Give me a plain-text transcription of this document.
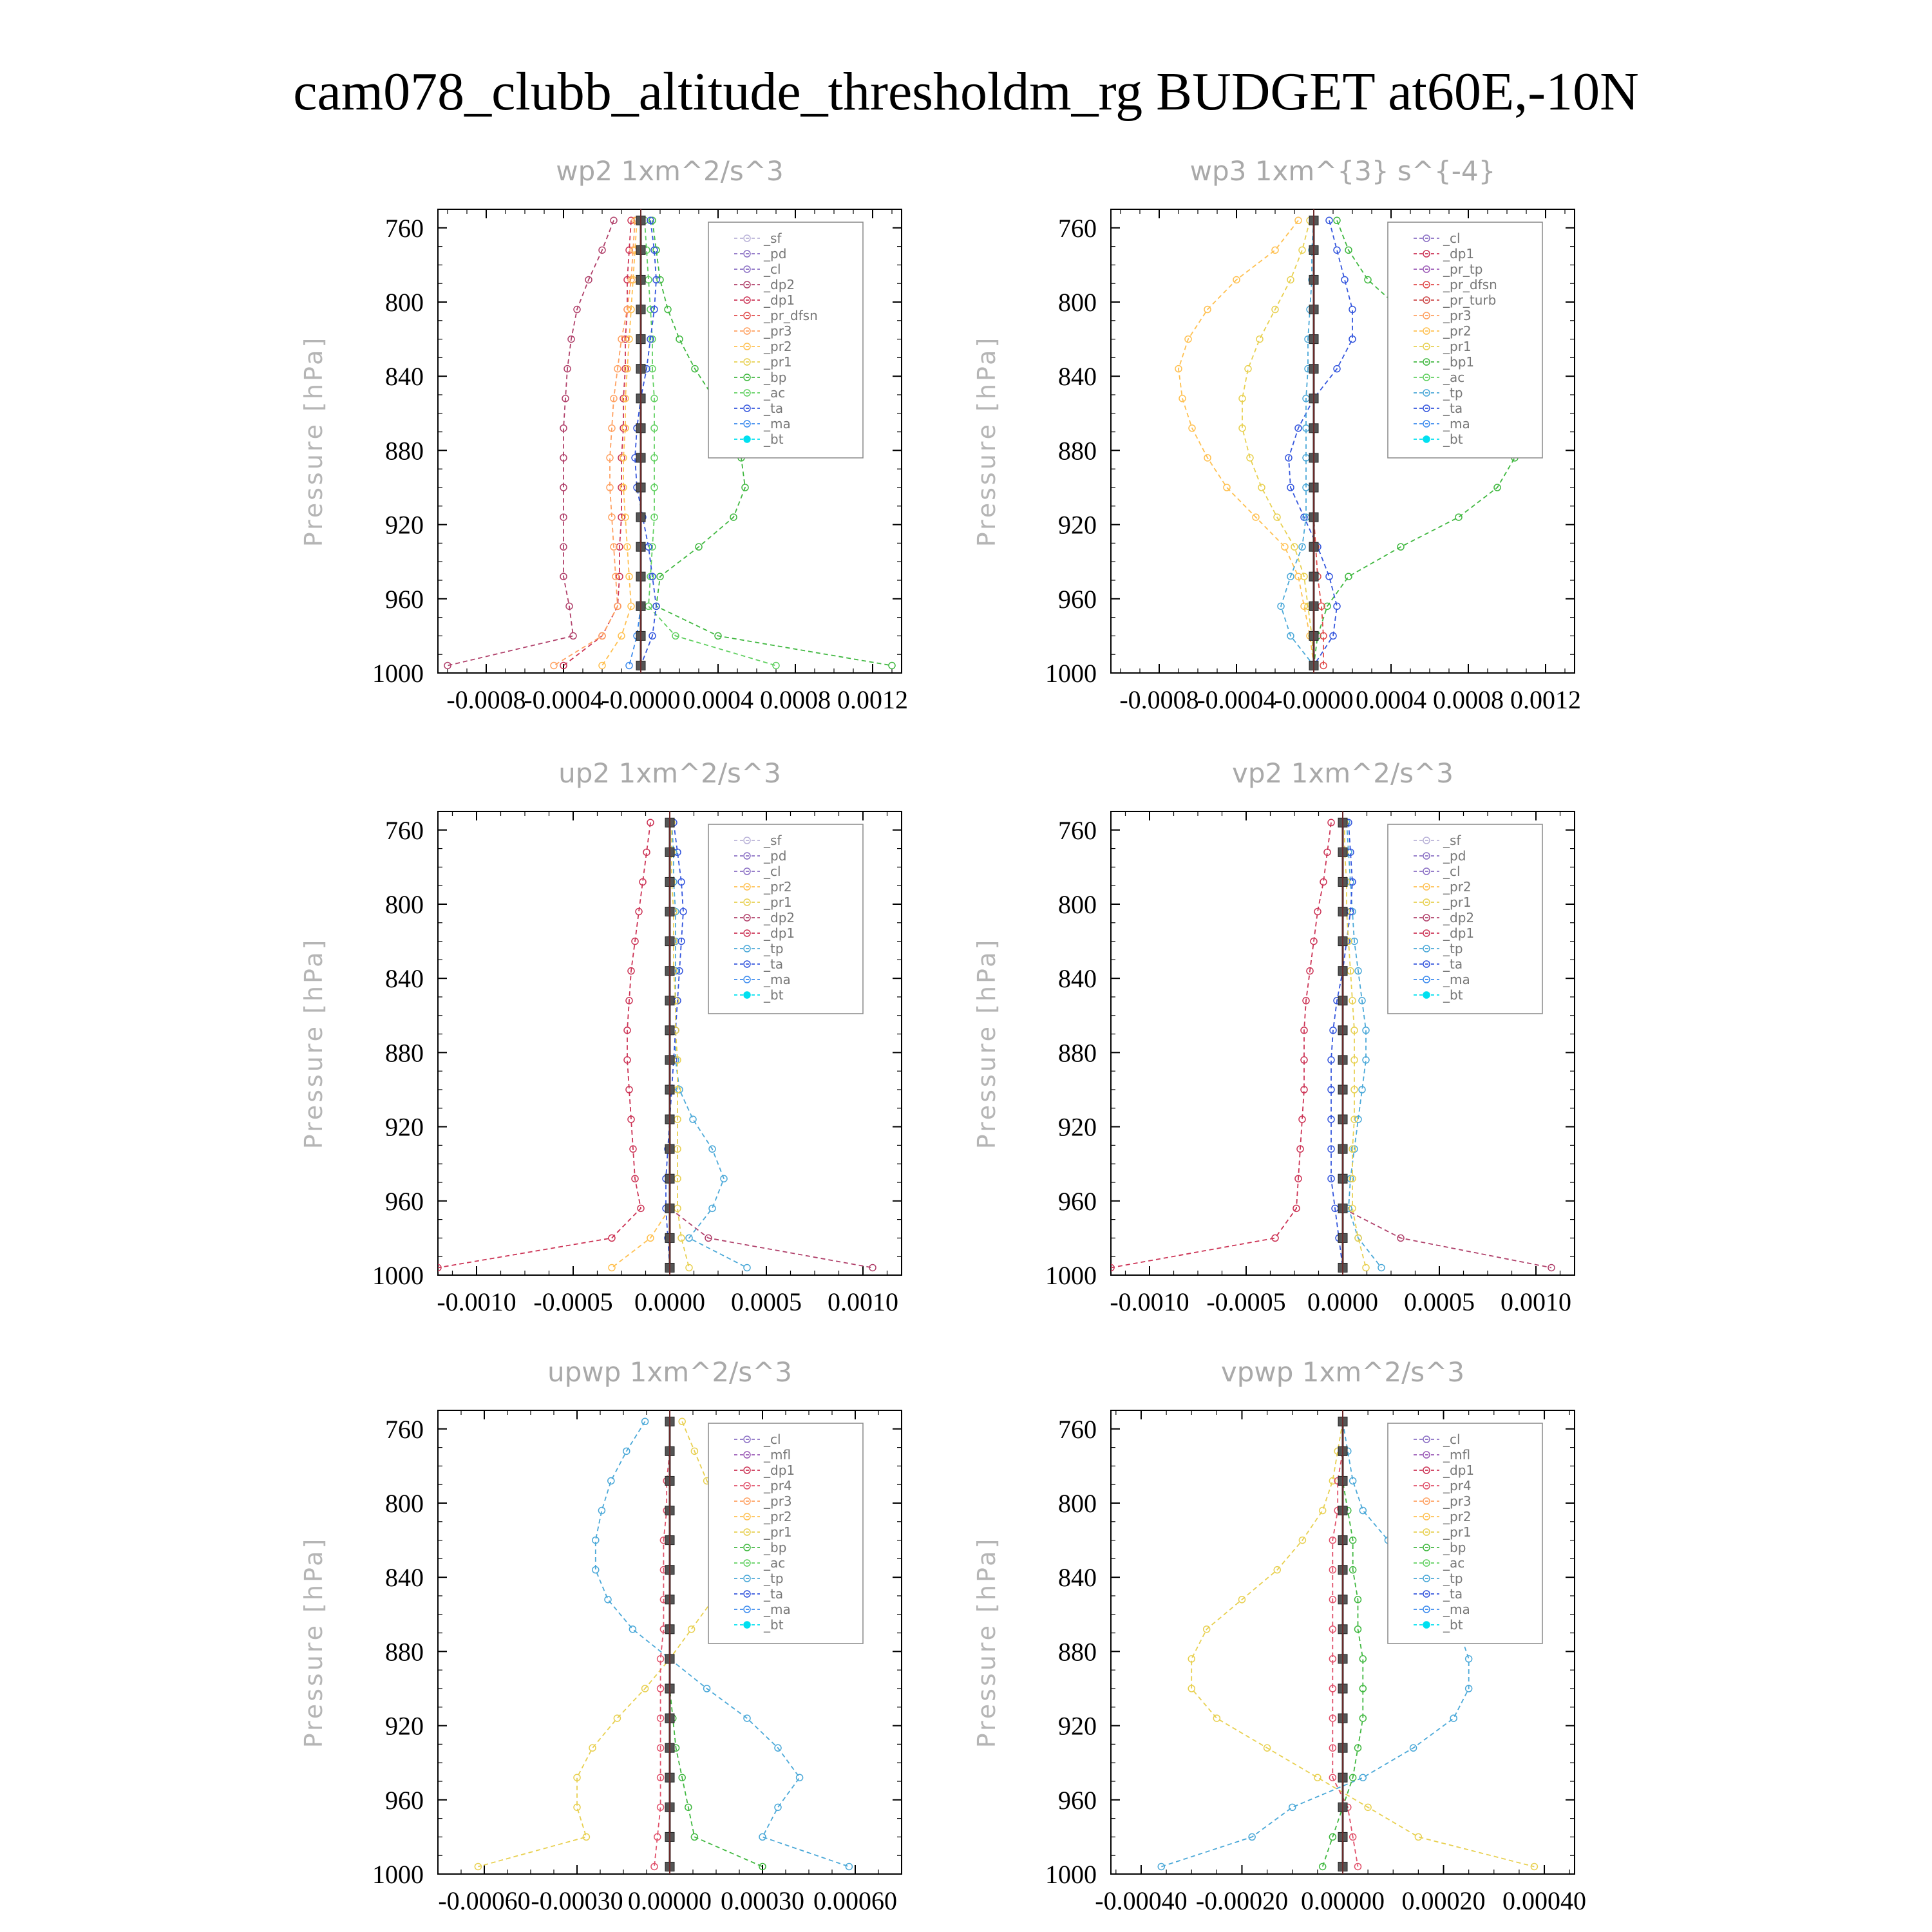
cam078_clubb_altitude_thresholdm_rg BUDGET at60E,-10N
wp2 1xm^2/s^3
Pressure [hPa]
760
800
840
880
920
960
1000
-0.0008
-0.0004
-0.0000 0.0004 0.0008 0.0012
_sf
_pd
_cl
_dp2
_dp1
_pr_dfsn
_pr3
_pr2
_pr1
_bp
_ac
_ta
_ma
_bt
wp3 1xm^{3} s^{-4}
Pressure [hPa]
760
800
840
880
920
960
1000
-0.0008
-0.0004
-0.0000 0.0004 0.0008 0.0012
_cl
_dp1
_pr_tp
_pr_dfsn
_pr_turb
_pr3
_pr2
_pr1
_bp1
_ac
_tp
_ta
_ma
_bt
up2 1xm^2/s^3
Pressure [hPa]
760
800
840
880
920
960
1000
-0.0010 -0.0005 0.0000 0.0005 0.0010
_sf
_pd
_cl
_pr2
_pr1
_dp2
_dp1
_tp
_ta
_ma
_bt
vp2 1xm^2/s^3
Pressure [hPa]
760
800
840
880
920
960
1000
-0.0010 -0.0005 0.0000 0.0005 0.0010
_sf
_pd
_cl
_pr2
_pr1
_dp2
_dp1
_tp
_ta
_ma
_bt
upwp 1xm^2/s^3
Pressure [hPa]
760
800
840
880
920
960
1000
-0.00060 -0.00030 0.00000 0.00030 0.00060
_cl
_mfl
_dp1
_pr4
_pr3
_pr2
_pr1
_bp
_ac
_tp
_ta
_ma
_bt
vpwp 1xm^2/s^3
Pressure [hPa]
760
800
840
880
920
960
1000
-0.00040 -0.00020 0.00000 0.00020 0.00040
_cl
_mfl
_dp1
_pr4
_pr3
_pr2
_pr1
_bp
_ac
_tp
_ta
_ma
_bt
